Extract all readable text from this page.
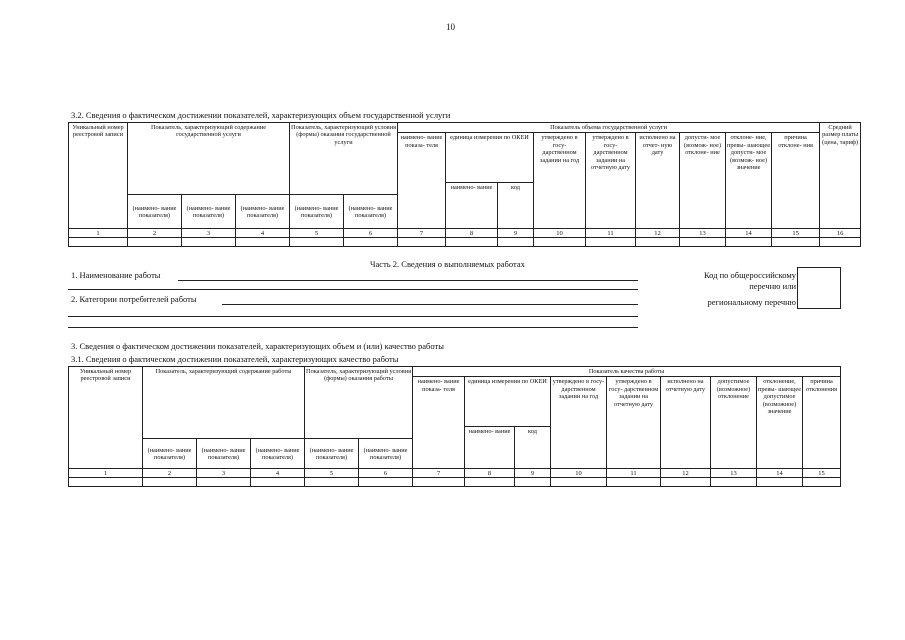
10
3.2. Сведения о фактическом достижении показателей, характеризующих объем государственной услуги
Уникальный номер реестровой записи	Показатель, характеризующий содержание государственной услуги			Показатель, характеризующий условия (формы) оказания государственной услуги		Показатель объема государственной услуги									Средний размер платы (цена, тариф)
						наимено- вание показа- теля	единица измерения по ОКЕИ		утверждено в госу- дарственном задании на год	утверждено в госу- дарственном задании на отчетную дату	исполнено на отчет- ную дату	допусти- мое (возмож- ное) отклоне- ние	отклоне- ние, превы- шающее допусти- мое (возмож- ное) значение	причина отклоне- ния	
							наимено- вание	код							
	(наимено- вание показателя)	(наимено- вание показателя)	(наимено- вание показателя)	(наимено- вание показателя)	(наимено- вание показателя)										
1	2	3	4	5	6	7	8	9	10	11	12	13	14	15	16

Часть 2. Сведения о выполняемых работах
1. Наименование работы
2. Категории потребителей работы
Код по общероссийскому
перечню или
региональному перечню
3. Сведения о фактическом достижении показателей, характеризующих объем и (или) качество работы
3.1. Сведения о фактическом достижении показателей, характеризующих качество работы
Уникальный номер реестровой записи	Показатель, характеризующий содержание работы			Показатель, характеризующий условия (формы) оказания работы		Показатель качества работы								
						наимено- вание показа- теля	единица измерения по ОКЕИ		утверждено в госу- дарственном задании на год	утверждено в госу- дарственном задании на отчетную дату	исполнено на отчетную дату	допустимое (возможное) отклонение	отклонение, превы- шающее допустимое (возможное) значение	причина отклонения
							наимено- вание	код						
	(наимено- вание показателя)	(наимено- вание показателя)	(наимено- вание показателя)	(наимено- вание показателя)	(наимено- вание показателя)									
1	2	3	4	5	6	7	8	9	10	11	12	13	14	15
